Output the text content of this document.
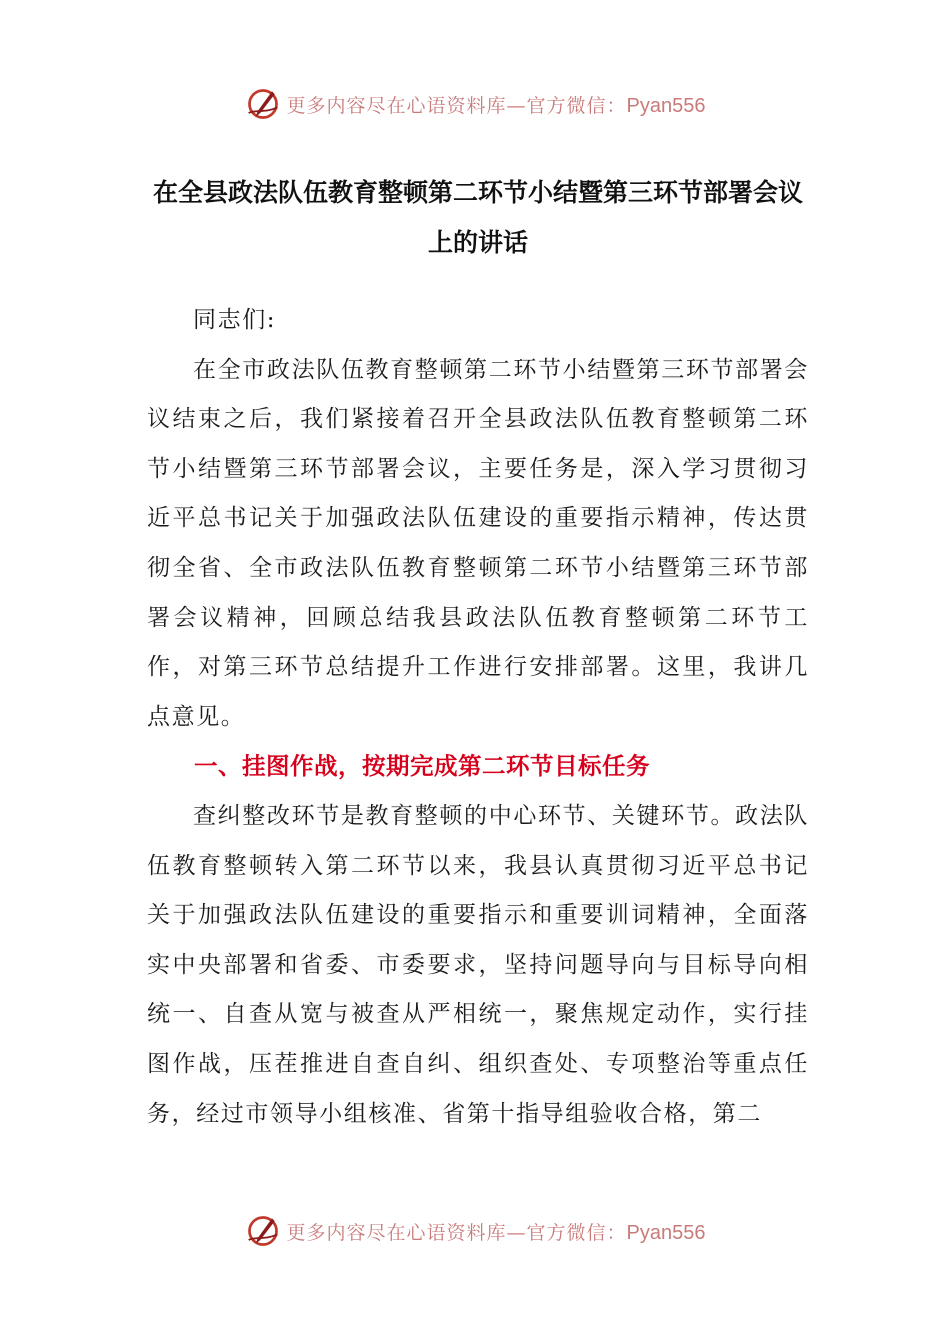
更多内容尽在心语资料库—官方微信：Pyan556
在全县政法队伍教育整顿第二环节小结暨第三环节部署会议上的讲话

同志们:

在全市政法队伍教育整顿第二环节小结暨第三环节部署会议结束之后，我们紧接着召开全县政法队伍教育整顿第二环节小结暨第三环节部署会议，主要任务是，深入学习贯彻习近平总书记关于加强政法队伍建设的重要指示精神，传达贯彻全省、全市政法队伍教育整顿第二环节小结暨第三环节部署会议精神，回顾总结我县政法队伍教育整顿第二环节工作，对第三环节总结提升工作进行安排部署。这里，我讲几点意见。

一、挂图作战，按期完成第二环节目标任务

查纠整改环节是教育整顿的中心环节、关键环节。政法队伍教育整顿转入第二环节以来，我县认真贯彻习近平总书记关于加强政法队伍建设的重要指示和重要训词精神，全面落实中央部署和省委、市委要求，坚持问题导向与目标导向相统一、自查从宽与被查从严相统一，聚焦规定动作，实行挂图作战，压茬推进自查自纠、组织查处、专项整治等重点任务，经过市领导小组核准、省第十指导组验收合格，第二

更多内容尽在心语资料库—官方微信：Pyan556
